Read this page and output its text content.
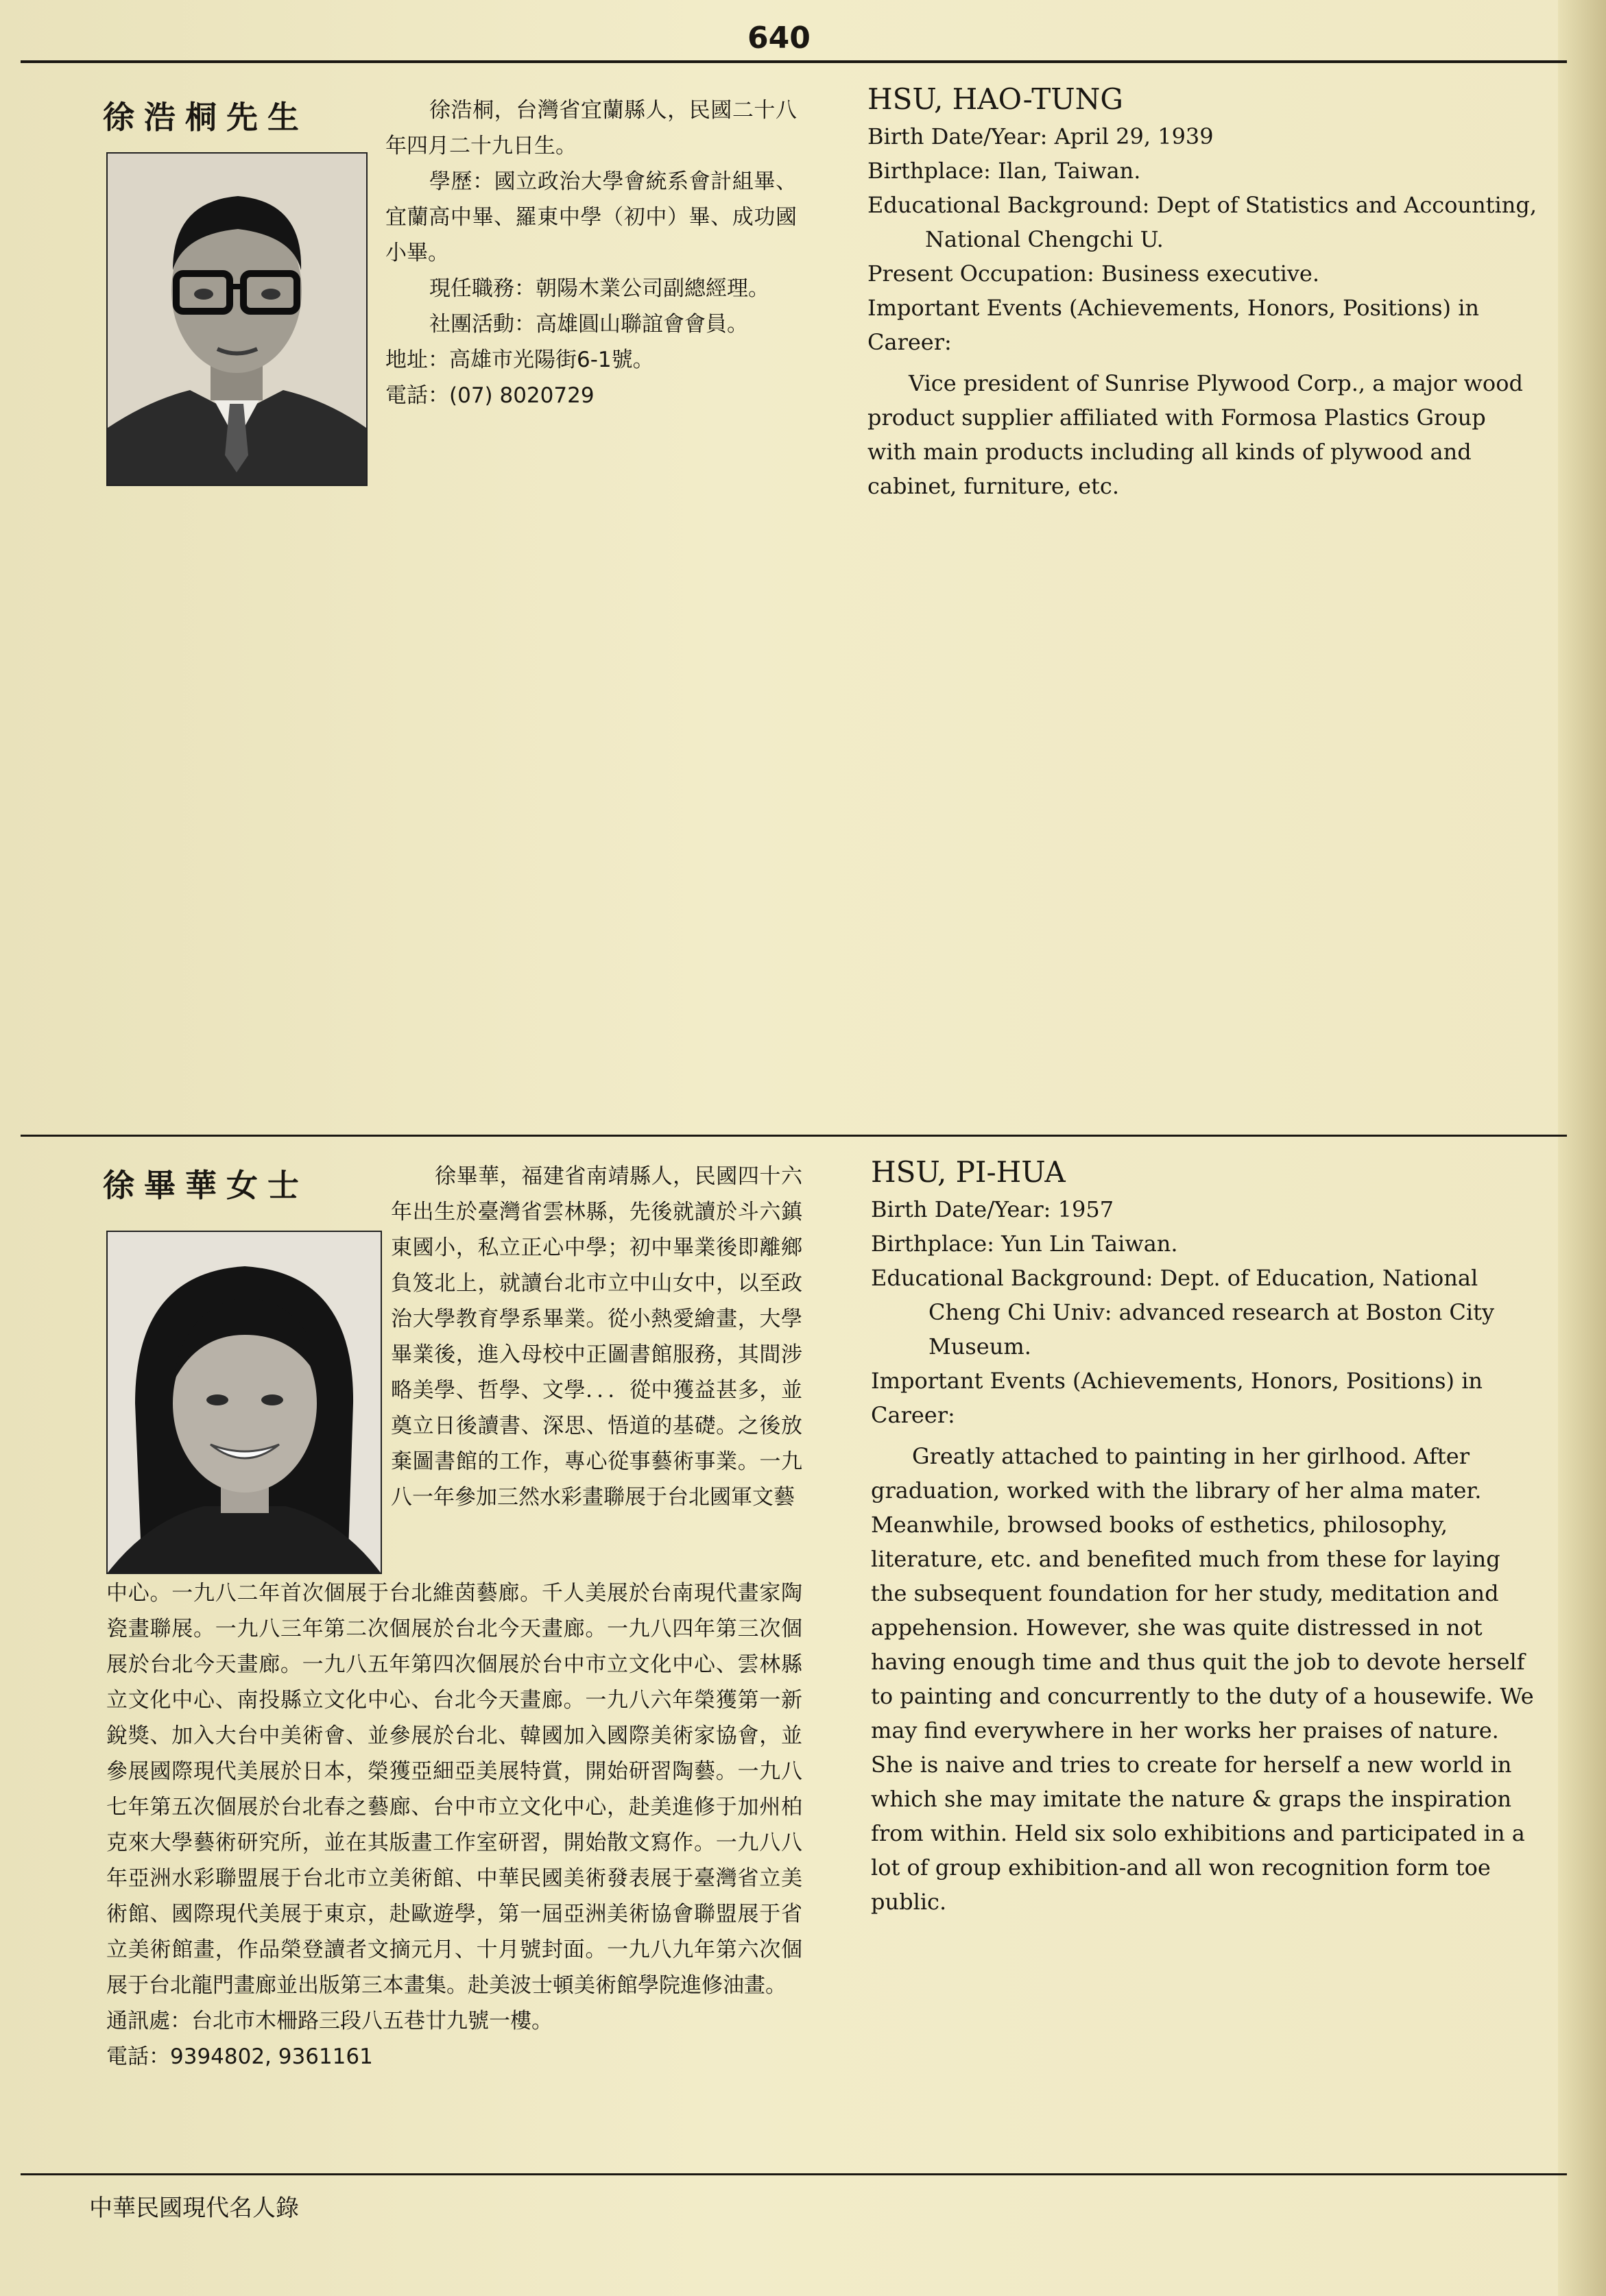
640
徐浩桐先生	徐浩桐，台灣省宜蘭縣人，民國二十八年四月二十九日生。

學歷：國立政治大學會統系會計組畢、宜蘭高中畢、羅東中學（初中）畢、成功國小畢。

現任職務：朝陽木業公司副總經理。

社團活動：高雄圓山聯誼會會員。

地址：高雄市光陽街6-1號。

電話：(07) 8020729

HSU, HAO-TUNG

Birth Date/Year: April 29, 1939

Birthplace: Ilan, Taiwan.

Educational Background: Dept of Statistics and Accounting, National Chengchi U.

Present Occupation: Business executive.

Important Events (Achievements, Honors, Positions) in Career:

Vice president of Sunrise Plywood Corp., a major wood product supplier affiliated with Formosa Plastics Group with main products including all kinds of plywood and cabinet, furniture, etc.

徐畢華女士	徐畢華，福建省南靖縣人，民國四十六年出生於臺灣省雲林縣，先後就讀於斗六鎮東國小，私立正心中學；初中畢業後即離鄉負笈北上，就讀台北市立中山女中，以至政治大學教育學系畢業。從小熱愛繪畫，大學畢業後，進入母校中正圖書館服務，其間涉略美學、哲學、文學．．．從中獲益甚多，並奠立日後讀書、深思、悟道的基礎。之後放棄圖書館的工作，專心從事藝術事業。一九八一年參加三然水彩畫聯展于台北國軍文藝

中心。一九八二年首次個展于台北維茵藝廊。千人美展於台南現代畫家陶瓷畫聯展。一九八三年第二次個展於台北今天畫廊。一九八四年第三次個展於台北今天畫廊。一九八五年第四次個展於台中市立文化中心、雲林縣立文化中心、南投縣立文化中心、台北今天畫廊。一九八六年榮獲第一新銳獎、加入大台中美術會、並參展於台北、韓國加入國際美術家協會，並參展國際現代美展於日本，榮獲亞細亞美展特賞，開始研習陶藝。一九八七年第五次個展於台北春之藝廊、台中市立文化中心，赴美進修于加州柏克來大學藝術研究所，並在其版畫工作室研習，開始散文寫作。一九八八年亞洲水彩聯盟展于台北市立美術館、中華民國美術發表展于臺灣省立美術館、國際現代美展于東京，赴歐遊學，第一屆亞洲美術協會聯盟展于省立美術館畫，作品榮登讀者文摘元月、十月號封面。一九八九年第六次個展于台北龍門畫廊並出版第三本畫集。赴美波士頓美術館學院進修油畫。

通訊處：台北市木柵路三段八五巷廿九號一樓。

電話：9394802, 9361161

HSU, PI-HUA

Birth Date/Year: 1957

Birthplace: Yun Lin Taiwan.

Educational Background: Dept. of Education, National Cheng Chi Univ: advanced research at Boston City Museum.

Important Events (Achievements, Honors, Positions) in Career:

Greatly attached to painting in her girlhood. After graduation, worked with the library of her alma mater. Meanwhile, browsed books of esthetics, philosophy, literature, etc. and benefited much from these for laying the subsequent foundation for her study, meditation and appehension. However, she was quite distressed in not having enough time and thus quit the job to devote herself to painting and concurrently to the duty of a housewife. We may find everywhere in her works her praises of nature. She is naive and tries to create for herself a new world in which she may imitate the nature & graps the inspiration from within. Held six solo exhibitions and participated in a lot of group exhibition-and all won recognition form toe public.

中華民國現代名人錄
